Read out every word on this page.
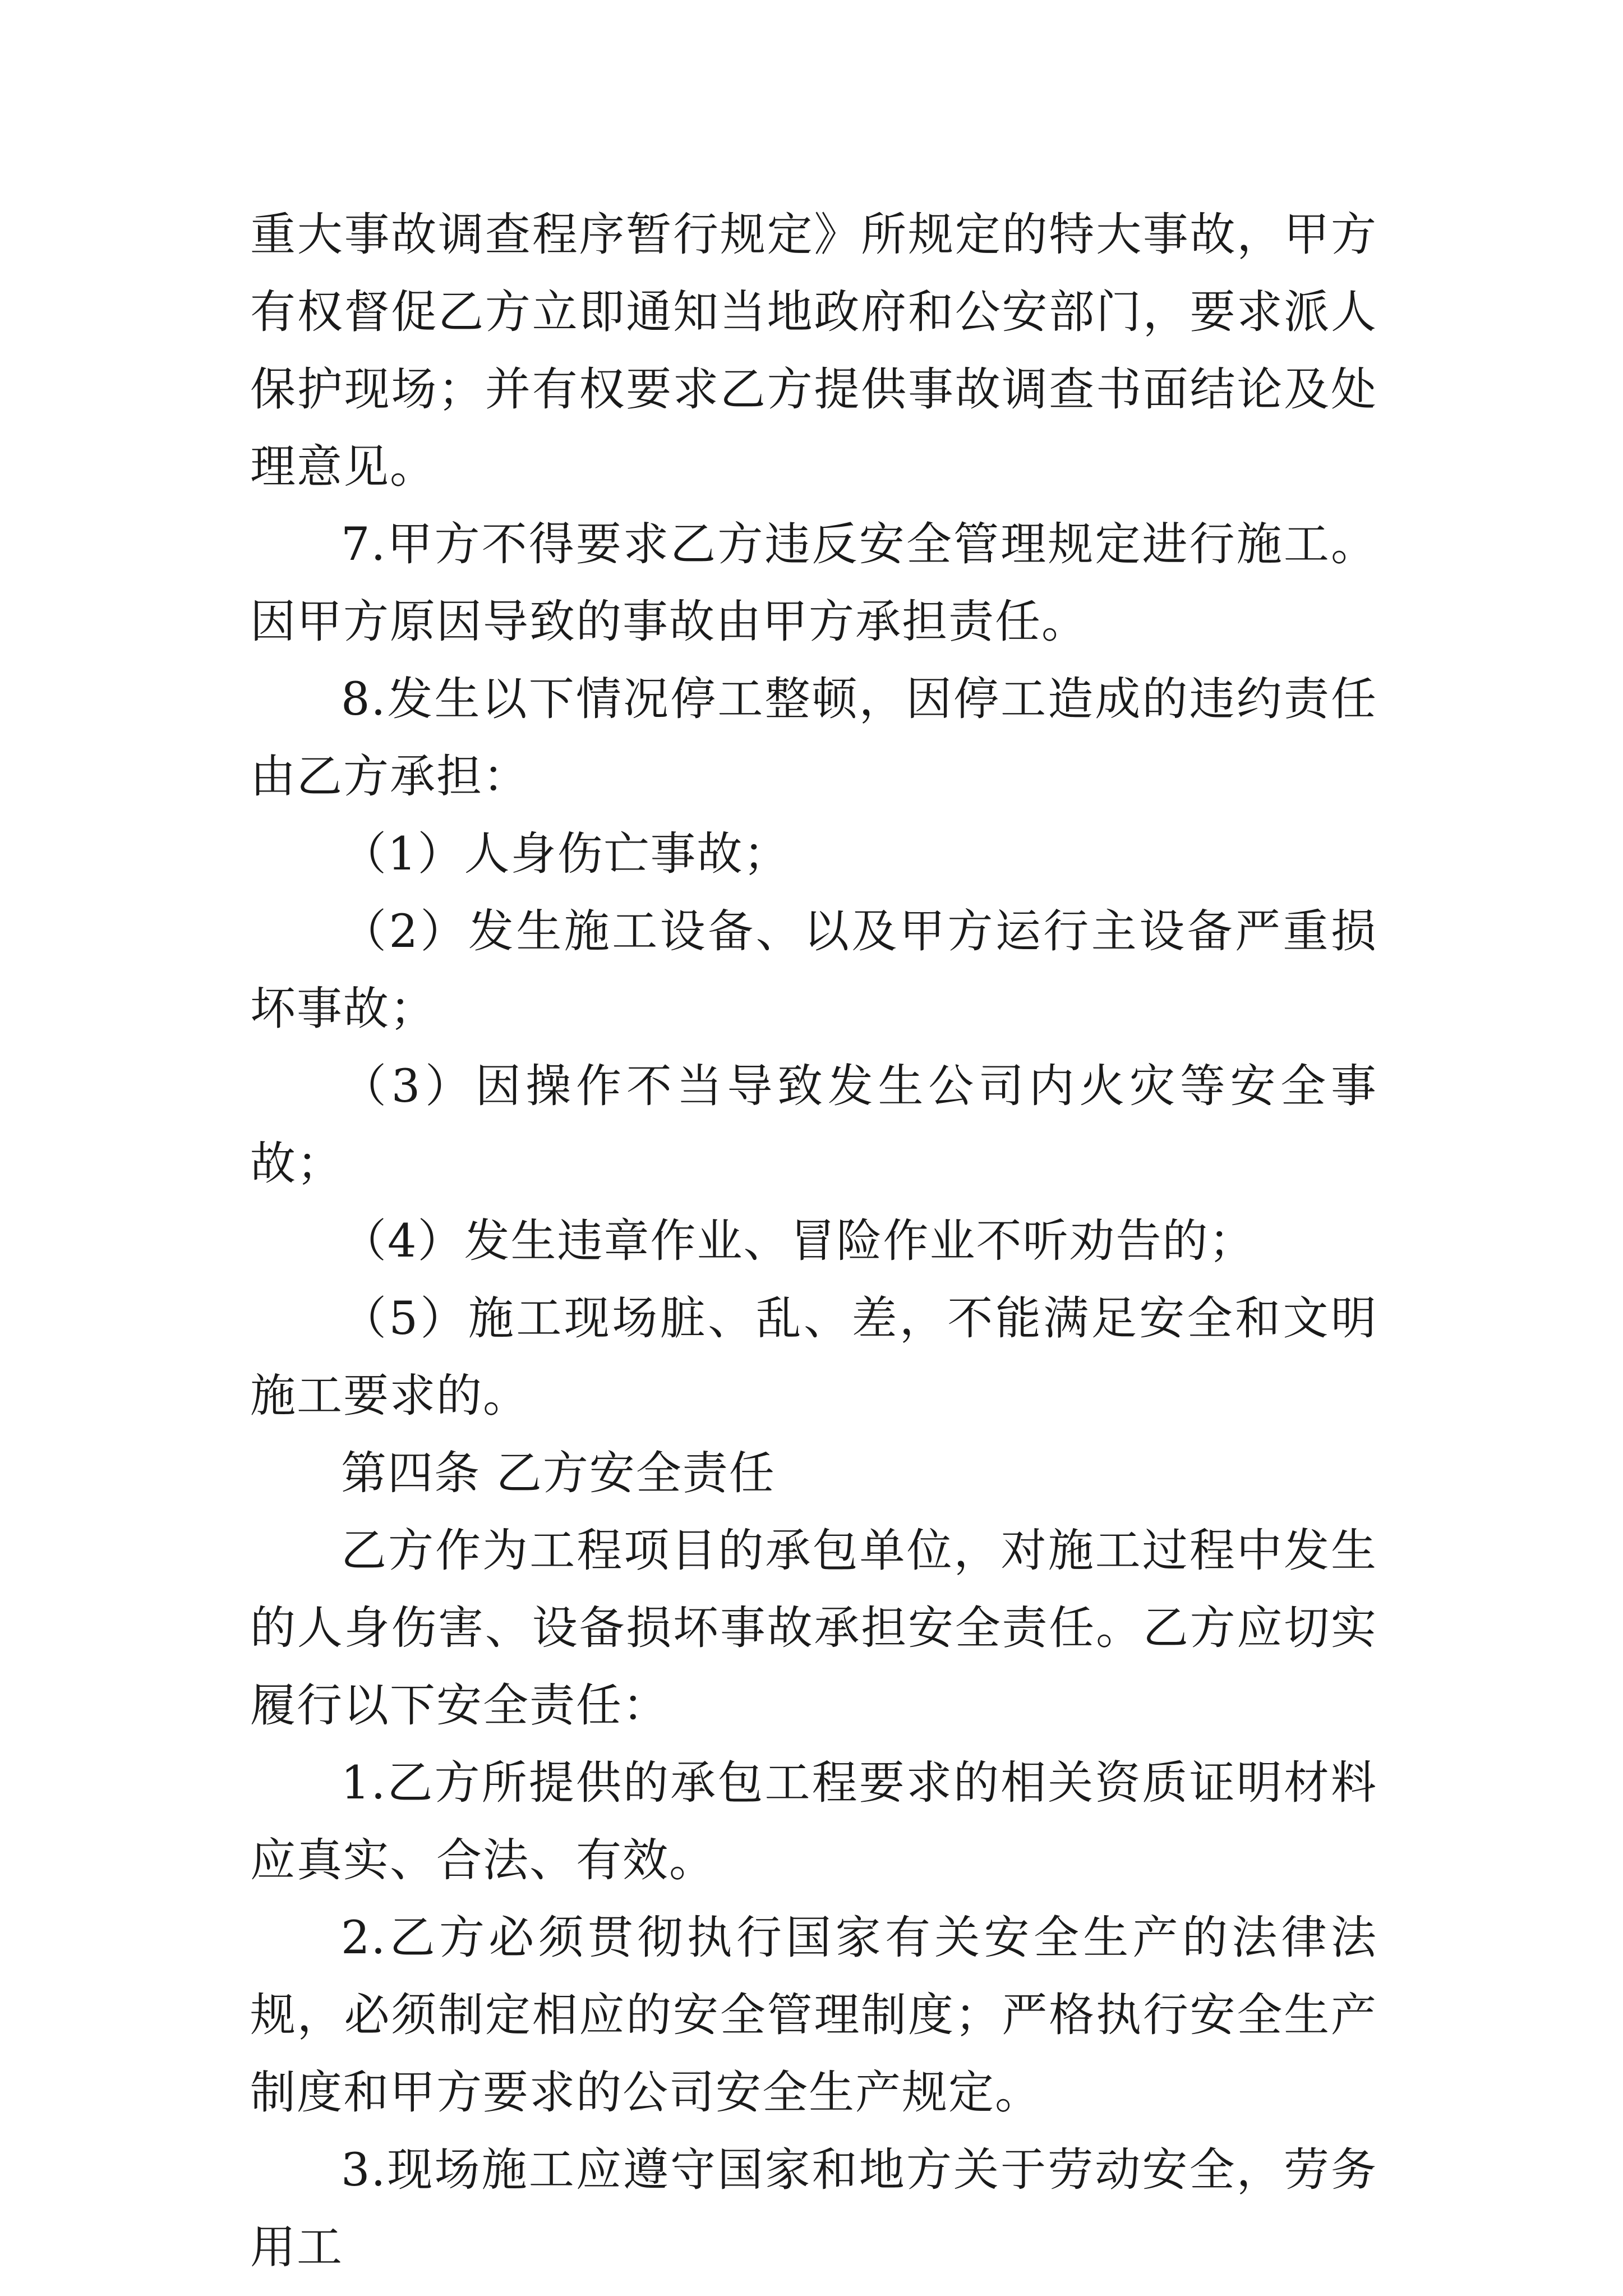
重大事故调查程序暂行规定》所规定的特大事故，甲方有权督促乙方立即通知当地政府和公安部门，要求派人保护现场；并有权要求乙方提供事故调查书面结论及处理意见。

7.甲方不得要求乙方违反安全管理规定进行施工。因甲方原因导致的事故由甲方承担责任。

8.发生以下情况停工整顿，因停工造成的违约责任由乙方承担：

（1）人身伤亡事故；

（2）发生施工设备、以及甲方运行主设备严重损坏事故；

（3）因操作不当导致发生公司内火灾等安全事故；

（4）发生违章作业、冒险作业不听劝告的；

（5）施工现场脏、乱、差，不能满足安全和文明施工要求的。

第四条 乙方安全责任

乙方作为工程项目的承包单位，对施工过程中发生的人身伤害、设备损坏事故承担安全责任。乙方应切实履行以下安全责任：

1.乙方所提供的承包工程要求的相关资质证明材料应真实、合法、有效。

2.乙方必须贯彻执行国家有关安全生产的法律法规，必须制定相应的安全管理制度；严格执行安全生产制度和甲方要求的公司安全生产规定。

3.现场施工应遵守国家和地方关于劳动安全，劳务用工
